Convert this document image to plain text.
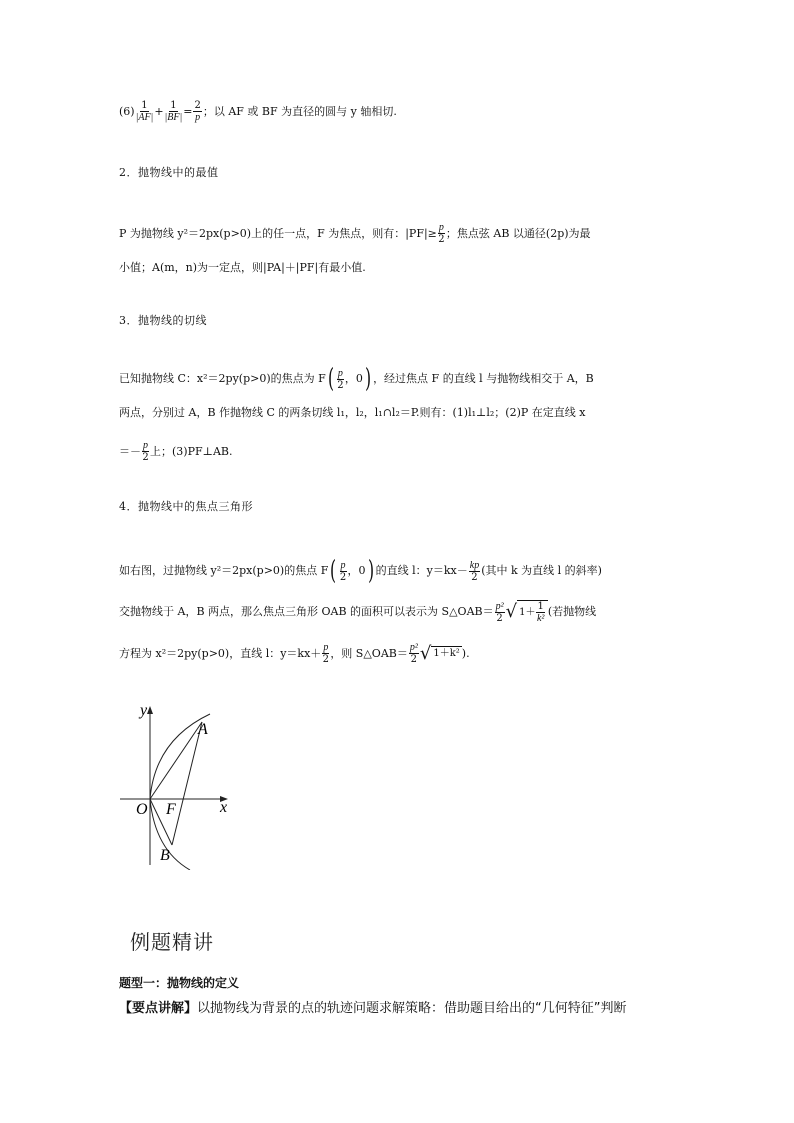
$(6) \frac{1}{|AF|} + \frac{1}{|BF|} = \frac{2}{p}$ ；以 AF 或 BF 为直径的圆与 y 轴相切.
2．抛物线中的最值
P 为抛物线 y²＝2px(p>0)上的任一点，F 为焦点，则有：$|PF|\ge \frac{p}{2}$ ；焦点弦 AB 以通径(2p)为最
小值；A(m，n)为一定点，则|PA|＋|PF|有最小值.
3．抛物线的切线
已知抛物线 C：x²＝2py(p>0)的焦点为 F ( $\frac{p}{2}$ ，0 ) ，经过焦点 F 的直线 l 与抛物线相交于 A，B
两点，分别过 A，B 作抛物线 C 的两条切线 l₁，l₂，l₁∩l₂＝P.则有：(1)l₁⊥l₂；(2)P 在定直线 x
＝－ $\frac{p}{2}$ 上；(3)PF⊥AB.
4．抛物线中的焦点三角形
如右图，过抛物线 y²＝2px(p>0)的焦点 F ( $\frac{p}{2}$ ，0 ) 的直线 l：$y=kx- \frac{kp}{2}$ (其中 k 为直线 l 的斜率)
交抛物线于 A，B 两点，那么焦点三角形 OAB 的面积可以表示为 S△OAB＝ $\frac{\text{p²}}{2}$ √ $1+ \frac{1}{\text{k²}}$ (若抛物线
方程为 x²＝2py(p>0)，直线 l：$y=kx+ \frac{p}{2}$ ，则 S△OAB＝ $\frac{\text{p²}}{2}$ √ 1＋k² ).
y
x
O F
A
B
例题精讲
题型一：抛物线的定义
【要点讲解】以抛物线为背景的点的轨迹问题求解策略：借助题目给出的“几何特征”判断
